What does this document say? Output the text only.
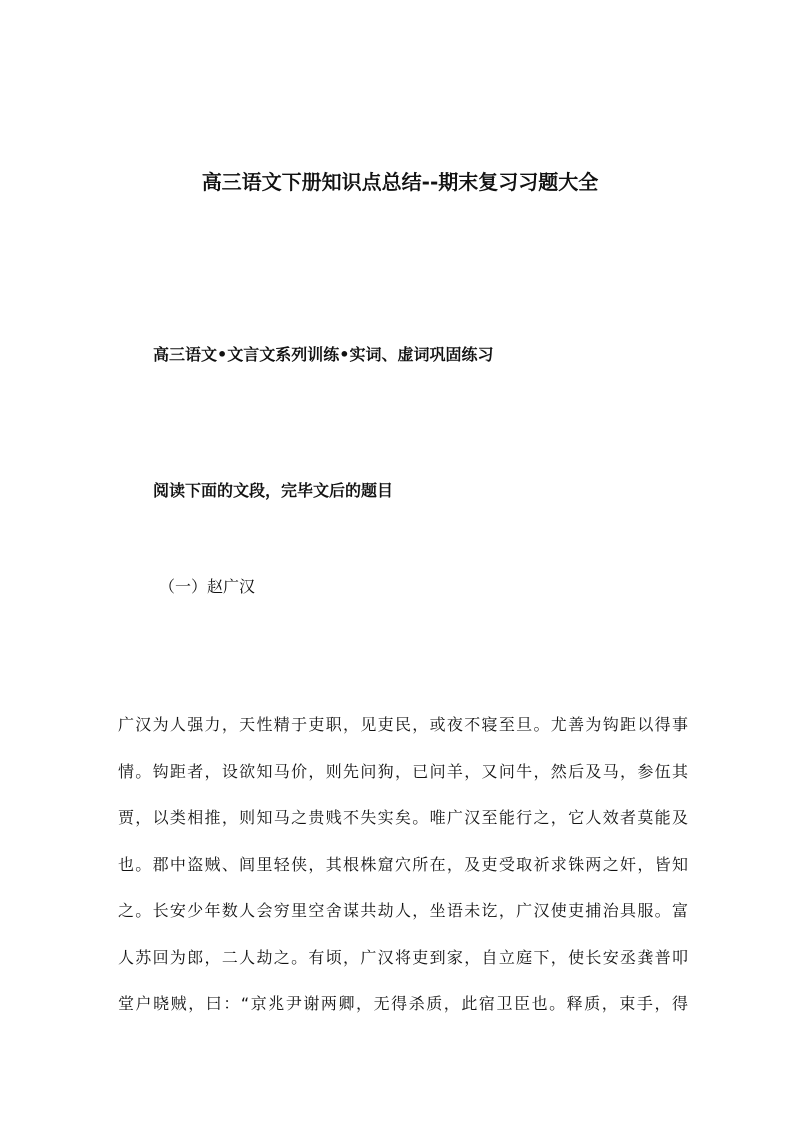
高三语文下册知识点总结--期末复习习题大全
高三语文•文言文系列训练•实词、虚词巩固练习
阅读下面的文段，完毕文后的题目
（一）赵广汉
广汉为人强力，天性精于吏职，见吏民，或夜不寝至旦。尤善为钩距以得事
情。钩距者，设欲知马价，则先问狗，已问羊，又问牛，然后及马，参伍其
贾，以类相推，则知马之贵贱不失实矣。唯广汉至能行之，它人效者莫能及
也。郡中盗贼、闾里轻侠，其根株窟穴所在，及吏受取祈求铢两之奸，皆知
之。长安少年数人会穷里空舍谋共劫人，坐语未讫，广汉使吏捕治具服。富
人苏回为郎，二人劫之。有顷，广汉将吏到家，自立庭下，使长安丞龚普叩
堂户晓贼，曰：“京兆尹谢两卿，无得杀质，此宿卫臣也。释质，束手，得
